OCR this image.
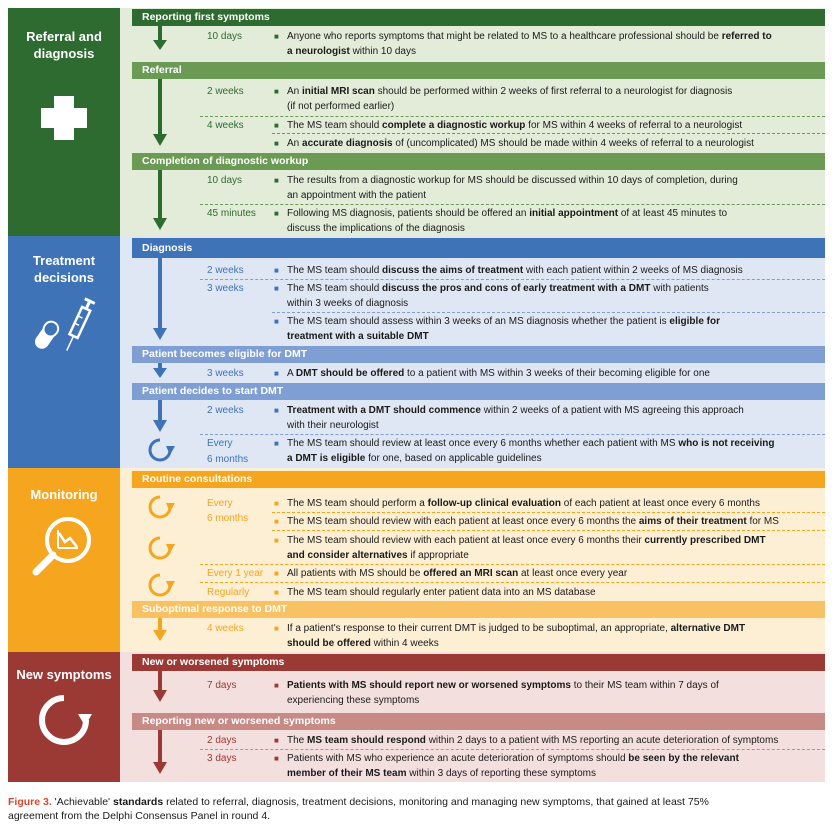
Referral and diagnosis
Treatment decisions
Monitoring
New symptoms
Reporting first symptoms
Referral
Completion of diagnostic workup
Diagnosis
Patient becomes eligible for DMT
Patient decides to start DMT
Routine consultations
Suboptimal response to DMT
New or worsened symptoms
Reporting new or worsened symptoms
10 days	■ Anyone who reports symptoms that might be related to MS to a healthcare professional should be referred to
a neurologist within 10 days
2 weeks	■ An initial MRI scan should be performed within 2 weeks of first referral to a neurologist for diagnosis
(if not performed earlier)
4 weeks	■ The MS team should complete a diagnostic workup for MS within 4 weeks of referral to a neurologist
■ An accurate diagnosis of (uncomplicated) MS should be made within 4 weeks of referral to a neurologist
10 days	■ The results from a diagnostic workup for MS should be discussed within 10 days of completion, during
an appointment with the patient
45 minutes ■ Following MS diagnosis, patients should be offered an initial appointment of at least 45 minutes to
discuss the implications of the diagnosis
2 weeks	■ The MS team should discuss the aims of treatment with each patient within 2 weeks of MS diagnosis
3 weeks	■ The MS team should discuss the pros and cons of early treatment with a DMT with patients
within 3 weeks of diagnosis
■ The MS team should assess within 3 weeks of an MS diagnosis whether the patient is eligible for
treatment with a suitable DMT
3 weeks	■ A DMT should be offered to a patient with MS within 3 weeks of their becoming eligible for one
2 weeks	■ Treatment with a DMT should commence within 2 weeks of a patient with MS agreeing this approach
with their neurologist
Every
6 months
■ The MS team should review at least once every 6 months whether each patient with MS who is not receiving
a DMT is eligible for one, based on applicable guidelines
Every
6 months
■ The MS team should perform a follow-up clinical evaluation of each patient at least once every 6 months
■ The MS team should review with each patient at least once every 6 months the aims of their treatment for MS
■ The MS team should review with each patient at least once every 6 months their currently prescribed DMT
and consider alternatives if appropriate
Every 1 year ■ All patients with MS should be offered an MRI scan at least once every year
Regularly	■ The MS team should regularly enter patient data into an MS database
4 weeks	■ If a patient's response to their current DMT is judged to be suboptimal, an appropriate, alternative DMT
should be offered within 4 weeks
7 days	■ Patients with MS should report new or worsened symptoms to their MS team within 7 days of
experiencing these symptoms
2 days	■ The MS team should respond within 2 days to a patient with MS reporting an acute deterioration of symptoms
3 days	■ Patients with MS who experience an acute deterioration of symptoms should be seen by the relevant
member of their MS team within 3 days of reporting these symptoms
Figure 3. 'Achievable' standards related to referral, diagnosis, treatment decisions, monitoring and managing new symptoms, that gained at least 75%
agreement from the Delphi Consensus Panel in round 4.
